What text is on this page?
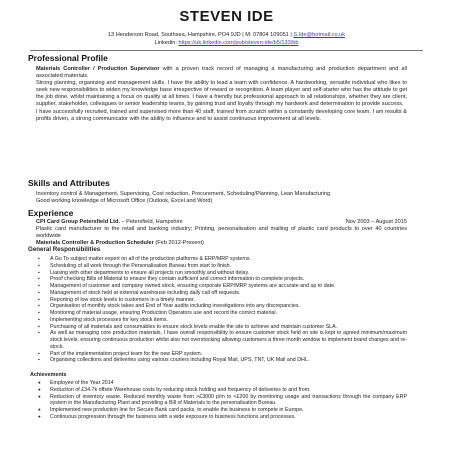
STEVEN IDE
13 Henderson Road, Southsea, Hampshire, PO4 9JD | M: 07804 109051 | S.Ide@hotmail.co.uk
Linkedin: https://uk.linkedin.com/pub/steven-ide/b5/133/bb
Professional Profile

Materials Controller / Production Supervisor with a proven track record of managing a manufacturing and production department and all associated materials.

Strong planning, organising and management skills. I have the ability to lead a team with confidence. A hardworking, versatile individual who likes to seek new responsibilities to widen my knowledge base irrespective of reward or recognition. A team player and self-starter who has the attitude to get the job done, whilst maintaining a focus on quality at all times. I have a friendly but professional approach to all relationships, whether they are client, supplier, stakeholder, colleagues or senior leadership teams, by gaining trust and loyalty through my hardwork and determination to provide success.

I have successfully recruited, trained and supervised more than 40 staff, trained from scratch within a constantly developing core team. I am results & profits driven, a strong communicator with the ability to influence and to assist continuous improvement at all levels.

Skills and Attributes

Inventory control & Management, Supervising, Cost reduction, Procurement, Scheduling/Planning, Lean Manufacturing

Good working knowledge of Microsoft Office (Outlook, Excel and Word)

Experience
CPI Card Group Petersfield Ltd. – Petersfield, Hampshire	Nov 2003 – August 2015

Plastic card manufacturer to the retail and banking industry; Printing, personalisation and mailing of plastic card products to over 40 countries worldwide

Materials Controller & Production Scheduler (Feb 2012-Present)

General Responsibilities
▪ A Go To subject matter expert on all of the production platforms & ERP/MRP systems.
▪ Scheduling of all work through the Personalisation Bureau from start to finish.
▪ Liaising with other departments to ensure all projects run smoothly and without delay.
▪ Proof checking Bills of Material to ensure they contain sufficient and correct information to complete projects.
▪ Management of customer and company owned stock, ensuring corporate ERP/MRP systems are accurate and up to date.
▪ Management of stock held at external warehouse including daily call off requests.
▪ Reporting of low stock levels to customers in a timely manner.
▪ Organisation of monthly stock takes and End of Year audits including investigations into any discrepancies.
▪ Monitoring of material usage, ensuring Production Operators use and record the correct material.
▪ Implementing stock processes for key stock items.
▪ Purchasing of all materials and consumables to ensure stock levels enable the site to achieve and maintain customer SLA.
▪ As well as managing core production materials, I have overall responsibility to ensure customer stock held on site is kept to agreed minimum/maximum stock levels, ensuring continuous production whilst also not overstocking allowing customers a three month window to implement brand changes and re-stock.
▪ Part of the implementation project team for the new ERP system.
▪ Organising collections and deliveries using various couriers including Royal Mail, UPS, TNT, UK Mail and DHL.
Achievements
● Employee of the Year 2014
● Reduction of £34.7k offsite Warehouse costs by reducing stock holding and frequency of deliveries to and from.
● Reduction of inventory waste. Reduced monthly waste from >£3000 p/m to <£200 by monitoring usage and transactions through the company ERP system in the Manufacturing Plant and providing a Bill of Materials to the personalisation Bureau.
● Implemented new production line for Secure Bank card packs, to enable the business to compete in Europe.
● Continuous progression through the business with a wide exposure to business functions and processes.
